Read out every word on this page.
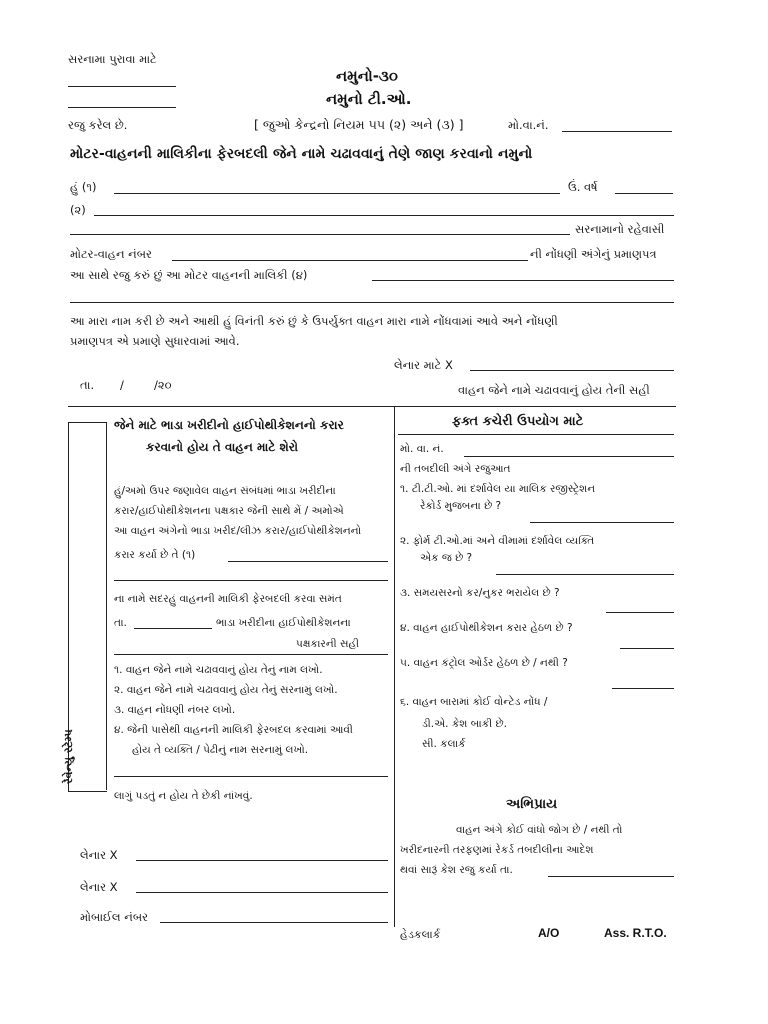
સરનામા પુરાવા માટે
રજુ કરેલ છે.
નમુનો-૩૦
નમુનો ટી.ઓ.
[ જુઓ કેન્દ્રનો નિયમ ૫૫ (૨) અને (૩) ]	મો.વા.નં.
મોટર-વાહનની માલિકીના ફેરબદલી જેને નામે ચઢાવવાનું તેણે જાણ કરવાનો નમુનો
હું (૧)	ઉં. વર્ષ
(૨)
સરનામાનો રહેવાસી
મોટર-વાહન નંબર	ની નોંધણી અંગેનું પ્રમાણપત્ર
આ સાથે રજુ કરું છું આ મોટર વાહનની માલિકી (૪)
આ મારા નામ કરી છે અને આથી હું વિનંતી કરું છું કે ઉપર્યુક્ત વાહન મારા નામે નોંધવામાં આવે અને નોંધણી
પ્રમાણપત્ર એ પ્રમાણે સુધારવામાં આવે.
લેનાર માટે X
તા. /	/૨૦	વાહન જેને નામે ચઢાવવાનું હોય તેની સહી
રેવેન્યુ સ્ટેમ્પ
જેને માટે ભાડા ખરીદીનો હાઈપોથીકેશનનો કરાર
કરવાનો હોય તે વાહન માટે શેરો
હું/અમો ઉપર જણાવેલ વાહન સંબંધમાં ભાડા ખરીદીના
કરાર/હાઈપોથીકેશનના પક્ષકાર જેની સાથે મેં / અમોએ
આ વાહન અંગેનો ભાડા ખરીદ/લીઝ કરાર/હાઈપોથીકેશનનો
કરાર કર્યા છે તે (૧)
ના નામે સદરહું વાહનની માલિકી ફેરબદલી કરવા સમંત
તા.	ભાડા ખરીદીના હાઈપોથીકેશનના
પક્ષકારની સહી
૧. વાહન જેને નામે ચઢાવવાનું હોય તેનું નામ લખો.
૨. વાહન જેને નામે ચઢાવવાનું હોય તેનું સરનામું લખો.
૩. વાહન નોંધણી નંબર લખો.
૪. જેની પાસેથી વાહનની માલિકી ફેરબદલ કરવામાં આવી
હોય તે વ્યક્તિ / પેઢીનું નામ સરનામું લખો.
લાગું પડતું ન હોય તે છેકી નાંખવું.
લેનાર X
લેનાર X
મોબાઈલ નંબર
ફક્ત કચેરી ઉપયોગ માટે
મો. વા. નં.
ની તબદીલી અંગે રજુઆત
૧. ટી.ટી.ઓ. માં દર્શાવેલ યા માલિક રજીસ્ટ્રેશન
રેકોર્ડ મુજબના છે ?
૨. ફોર્મ ટી.ઓ.માં અને વીમામાં દર્શાવેલ વ્યક્તિ
એક જ છે ?
૩. સમયસરનો કર/નુકર ભરાયેલ છે ?
૪. વાહન હાઈપોથીકેશન કરાર હેઠળ છે ?
૫. વાહન કંટ્રોલ ઓર્ડર હેઠળ છે / નથી ?
૬. વાહન બારામાં કોઈ વોન્ટેડ નોંધ /
ડી.એ. કેશ બાકી છે.
સી. કલાર્ક
અભિપ્રાય
વાહન અંગે કોઈ વાંધો જોગ છે / નથી તો
ખરીદનારની તરફણમાં રેકર્ડ તબદીલીના આદેશ
થવાં સારૂં કેશ રજુ કર્યા તા.
હેડકલાર્ક	A/O	Ass. R.T.O.
